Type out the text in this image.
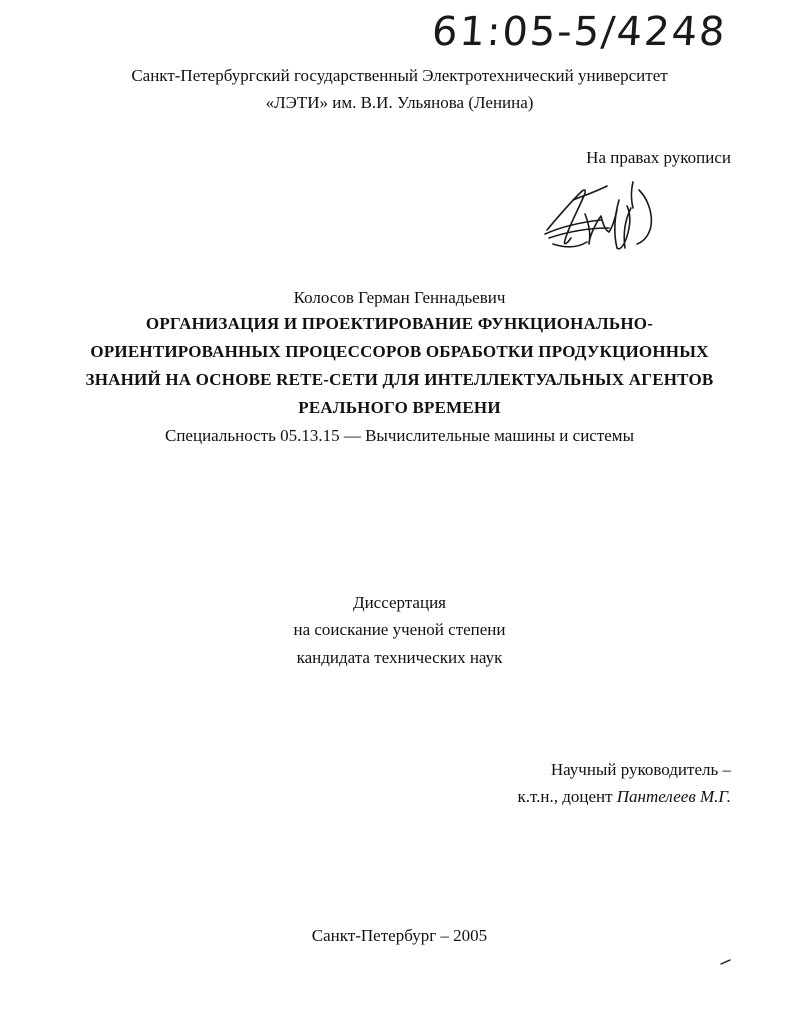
61:05-5/4248
Санкт-Петербургский государственный Электротехнический университет
«ЛЭТИ» им. В.И. Ульянова (Ленина)
На правах рукописи
Колосов Герман Геннадьевич
ОРГАНИЗАЦИЯ И ПРОЕКТИРОВАНИЕ ФУНКЦИОНАЛЬНО-
ОРИЕНТИРОВАННЫХ ПРОЦЕССОРОВ ОБРАБОТКИ ПРОДУКЦИОННЫХ
ЗНАНИЙ НА ОСНОВЕ RETE-СЕТИ ДЛЯ ИНТЕЛЛЕКТУАЛЬНЫХ АГЕНТОВ
РЕАЛЬНОГО ВРЕМЕНИ
Специальность 05.13.15 — Вычислительные машины и системы
Диссертация
на соискание ученой степени
кандидата технических наук
Научный руководитель –
к.т.н., доцент Пантелеев М.Г.
Санкт-Петербург – 2005
